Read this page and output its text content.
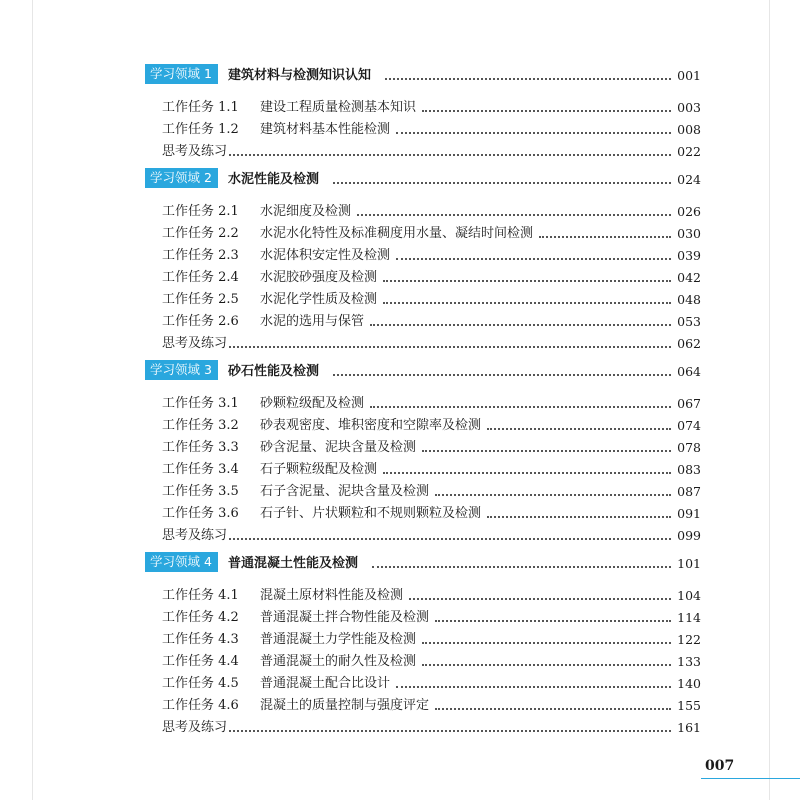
学习领域 1	建筑材料与检测知识认知	001
工作任务 1.1 建设工程质量检测基本知识	003
工作任务 1.2 建筑材料基本性能检测	008
思考及练习	022
学习领域 2	水泥性能及检测	024
工作任务 2.1 水泥细度及检测	026
工作任务 2.2 水泥水化特性及标准稠度用水量、凝结时间检测	030
工作任务 2.3 水泥体积安定性及检测	039
工作任务 2.4 水泥胶砂强度及检测	042
工作任务 2.5 水泥化学性质及检测	048
工作任务 2.6 水泥的选用与保管	053
思考及练习	062
学习领域 3	砂石性能及检测	064
工作任务 3.1 砂颗粒级配及检测	067
工作任务 3.2 砂表观密度、堆积密度和空隙率及检测	074
工作任务 3.3 砂含泥量、泥块含量及检测	078
工作任务 3.4 石子颗粒级配及检测	083
工作任务 3.5 石子含泥量、泥块含量及检测	087
工作任务 3.6 石子针、片状颗粒和不规则颗粒及检测	091
思考及练习	099
学习领域 4	普通混凝土性能及检测	101
工作任务 4.1 混凝土原材料性能及检测	104
工作任务 4.2 普通混凝土拌合物性能及检测	114
工作任务 4.3 普通混凝土力学性能及检测	122
工作任务 4.4 普通混凝土的耐久性及检测	133
工作任务 4.5 普通混凝土配合比设计	140
工作任务 4.6 混凝土的质量控制与强度评定	155
思考及练习	161
007
